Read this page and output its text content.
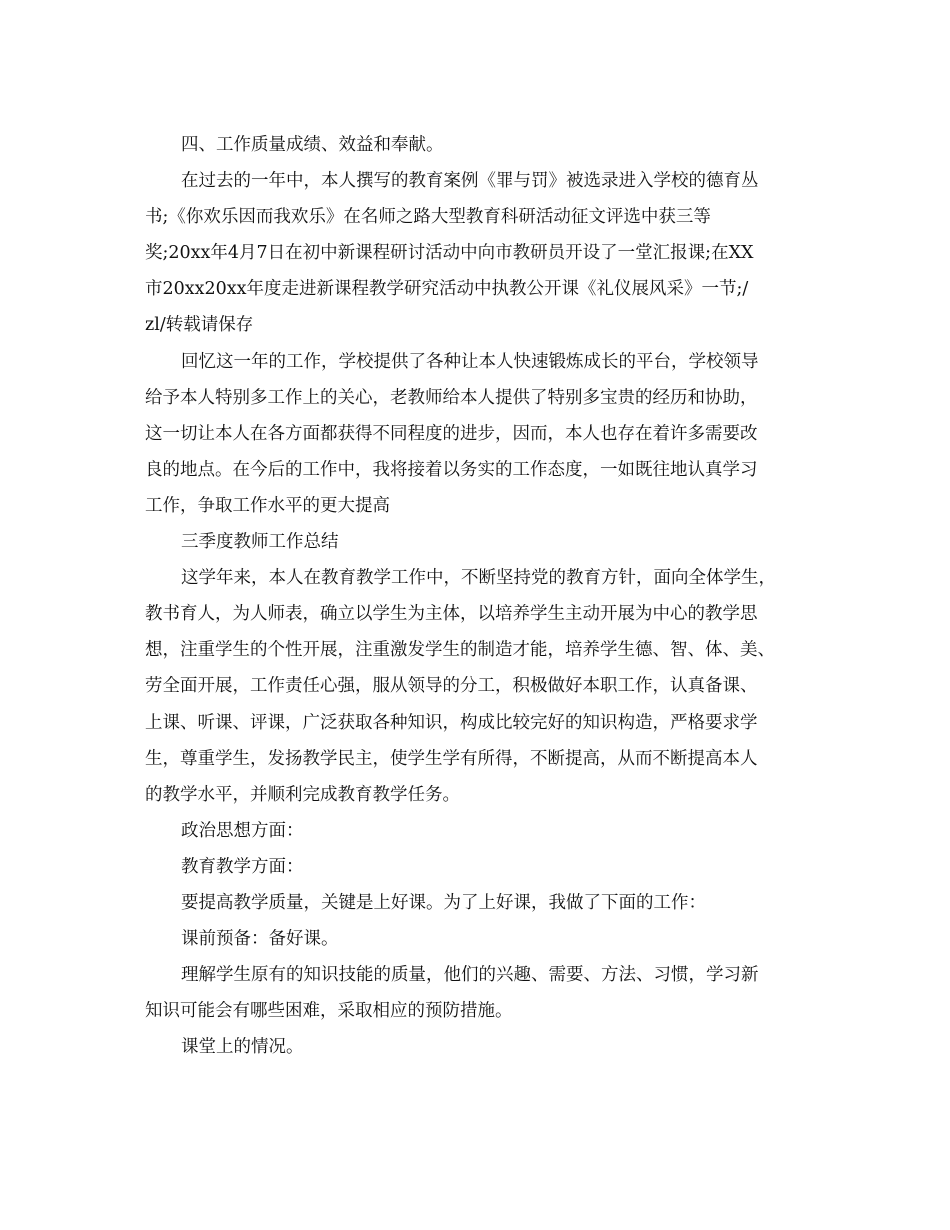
四、工作质量成绩、效益和奉献。
在过去的一年中，本人撰写的教育案例《罪与罚》被选录进入学校的德育丛
书;《你欢乐因而我欢乐》在名师之路大型教育科研活动征文评选中获三等
奖;20xx年4月7日在初中新课程研讨活动中向市教研员开设了一堂汇报课;在XX
市20xx20xx年度走进新课程教学研究活动中执教公开课《礼仪展风采》一节;/
zl/转载请保存
回忆这一年的工作，学校提供了各种让本人快速锻炼成长的平台，学校领导
给予本人特别多工作上的关心，老教师给本人提供了特别多宝贵的经历和协助，
这一切让本人在各方面都获得不同程度的进步，因而，本人也存在着许多需要改
良的地点。在今后的工作中，我将接着以务实的工作态度，一如既往地认真学习
工作，争取工作水平的更大提高
三季度教师工作总结
这学年来，本人在教育教学工作中，不断坚持党的教育方针，面向全体学生，
教书育人，为人师表，确立以学生为主体，以培养学生主动开展为中心的教学思
想，注重学生的个性开展，注重激发学生的制造才能，培养学生德、智、体、美、
劳全面开展，工作责任心强，服从领导的分工，积极做好本职工作，认真备课、
上课、听课、评课，广泛获取各种知识，构成比较完好的知识构造，严格要求学
生，尊重学生，发扬教学民主，使学生学有所得，不断提高，从而不断提高本人
的教学水平，并顺利完成教育教学任务。
政治思想方面：
教育教学方面：
要提高教学质量，关键是上好课。为了上好课，我做了下面的工作：
课前预备：备好课。
理解学生原有的知识技能的质量，他们的兴趣、需要、方法、习惯，学习新
知识可能会有哪些困难，采取相应的预防措施。
课堂上的情况。
